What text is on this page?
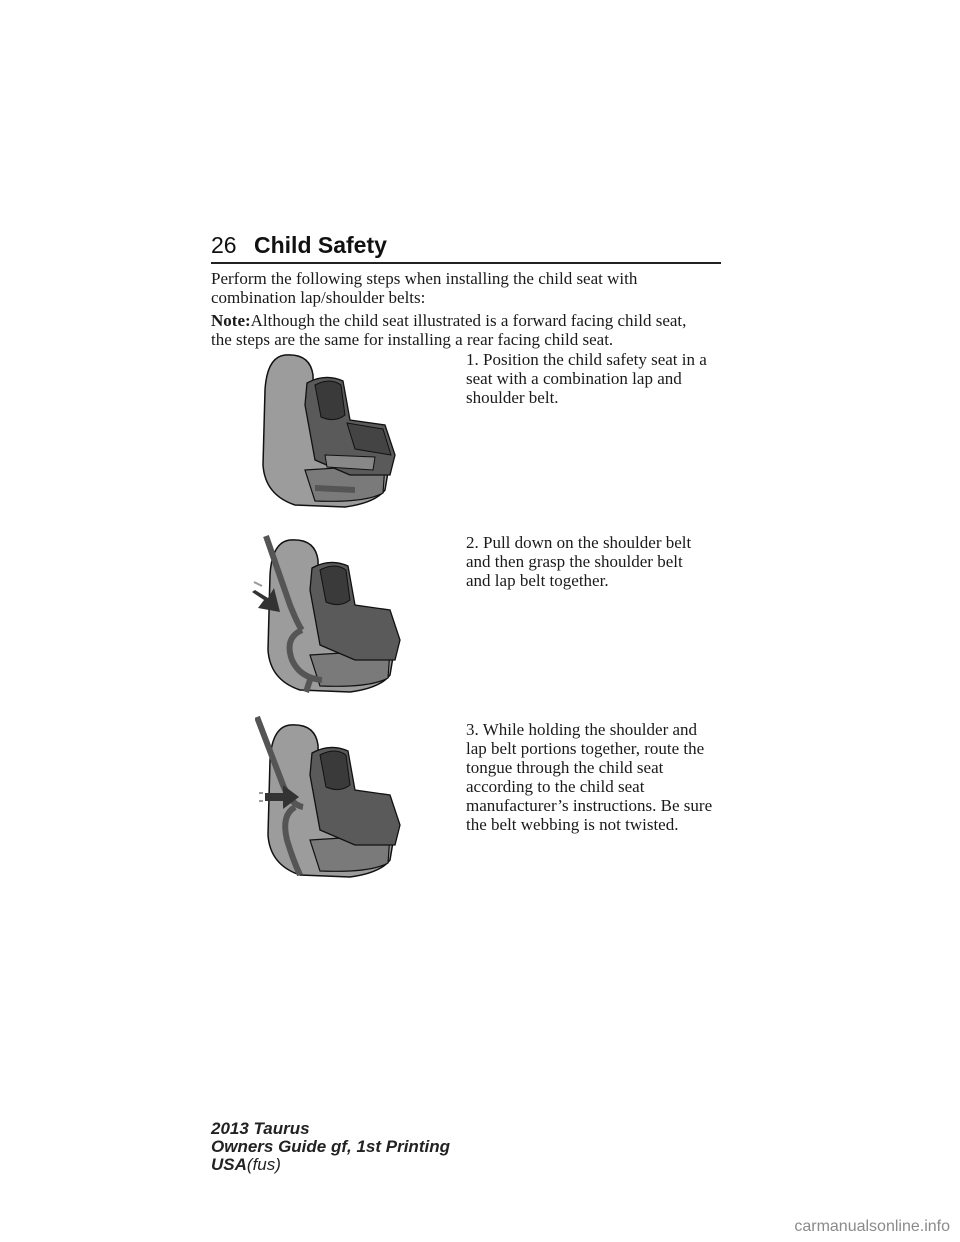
26 Child Safety

Perform the following steps when installing the child seat with
combination lap/shoulder belts:

Note:Although the child seat illustrated is a forward facing child seat,
the steps are the same for installing a rear facing child seat.

1. Position the child safety seat in a
seat with a combination lap and
shoulder belt.

2. Pull down on the shoulder belt
and then grasp the shoulder belt
and lap belt together.

3. While holding the shoulder and
lap belt portions together, route the
tongue through the child seat
according to the child seat
manufacturer’s instructions. Be sure
the belt webbing is not twisted.

2013 Taurus
Owners Guide gf, 1st Printing
USA(fus)
carmanualsonline.info
